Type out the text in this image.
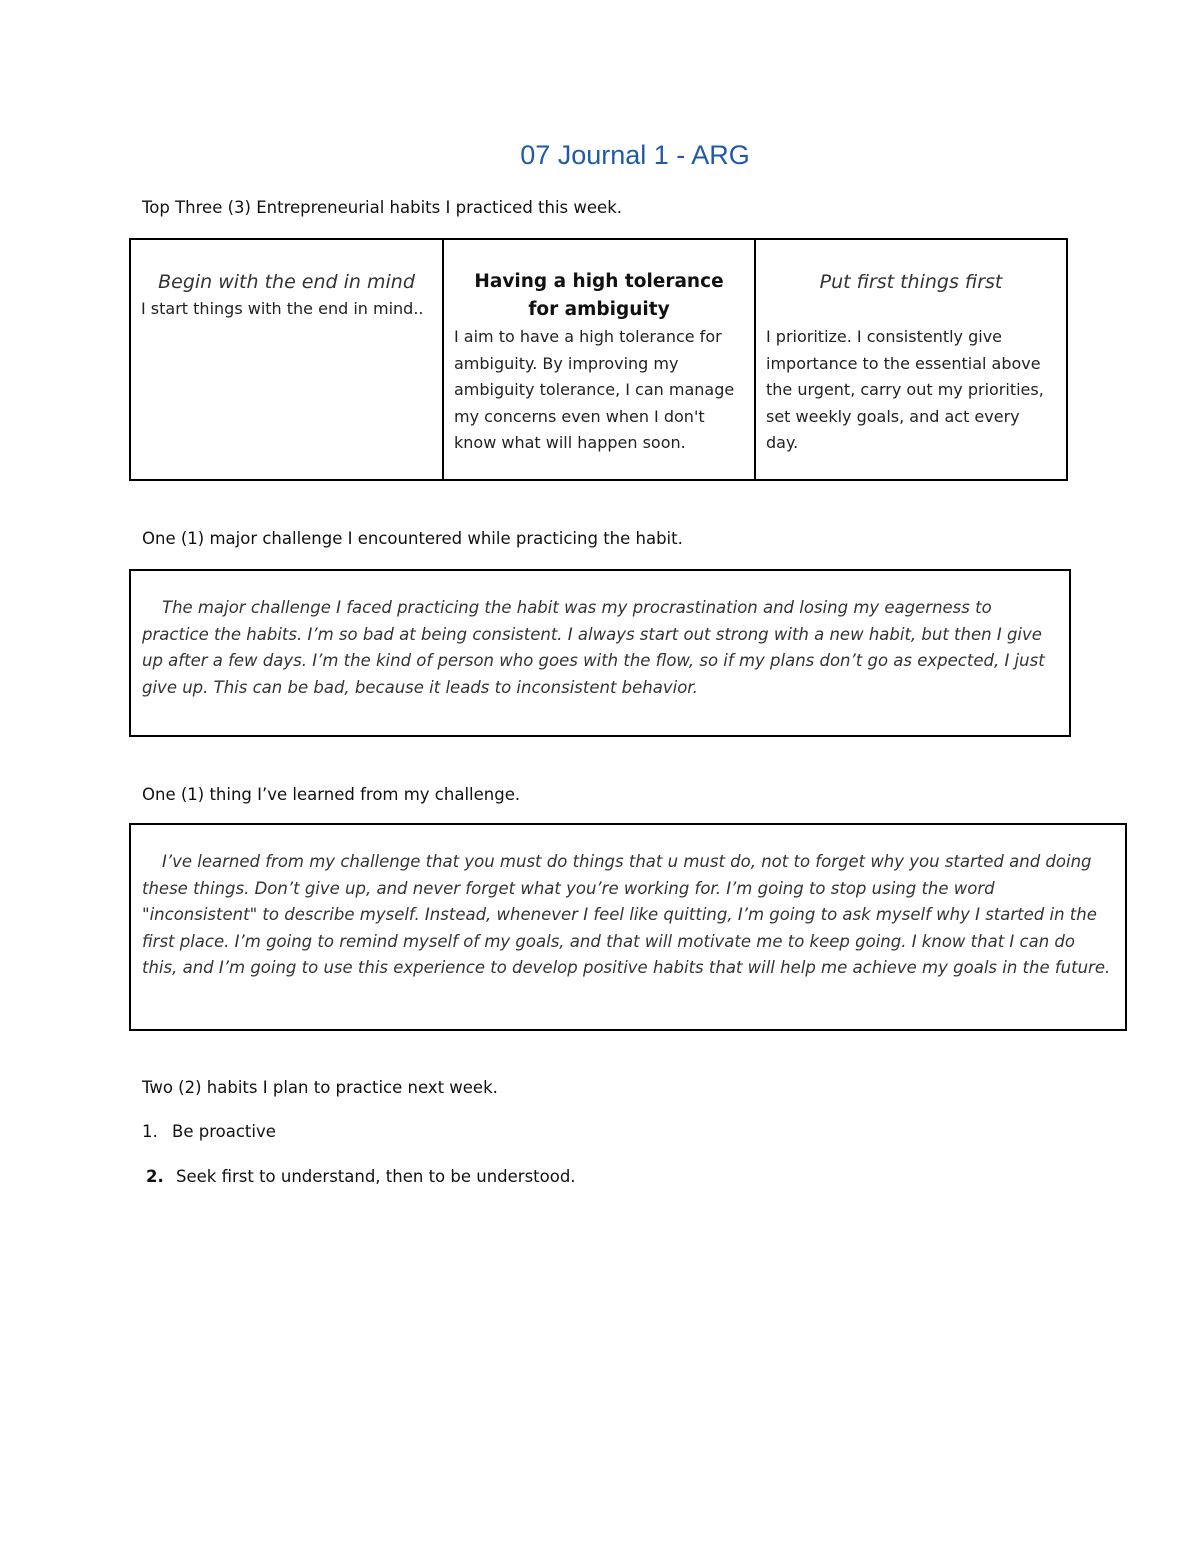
07 Journal 1 - ARG
Top Three (3) Entrepreneurial habits I practiced this week.
Begin with the end in mind
I start things with the end in mind..
Having a high tolerance for ambiguity
I aim to have a high tolerance for ambiguity. By improving my ambiguity tolerance, I can manage my concerns even when I don't know what will happen soon.
Put first things first
I prioritize. I consistently give importance to the essential above the urgent, carry out my priorities, set weekly goals, and act every day.
One (1) major challenge I encountered while practicing the habit.

The major challenge I faced practicing the habit was my procrastination and losing my eagerness to practice the habits. I’m so bad at being consistent. I always start out strong with a new habit, but then I give up after a few days. I’m the kind of person who goes with the flow, so if my plans don’t go as expected, I just give up. This can be bad, because it leads to inconsistent behavior.

One (1) thing I’ve learned from my challenge.

I’ve learned from my challenge that you must do things that u must do, not to forget why you started and doing these things. Don’t give up, and never forget what you’re working for. I’m going to stop using the word "inconsistent" to describe myself. Instead, whenever I feel like quitting, I’m going to ask myself why I started in the first place. I’m going to remind myself of my goals, and that will motivate me to keep going. I know that I can do this, and I’m going to use this experience to develop positive habits that will help me achieve my goals in the future.

Two (2) habits I plan to practice next week.
1. Be proactive
2. Seek first to understand, then to be understood.
